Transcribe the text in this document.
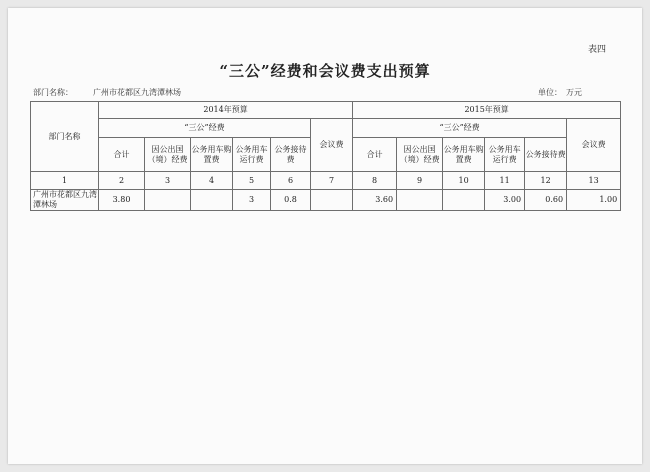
表四
“三公”经费和会议费支出预算
部门名称：	广州市花都区九湾潭林场	单位： 万元
部门名称	2014年预算						2015年预算					
	“三公”经费					会议费	“三公”经费					会议费
	合计	因公出国（境）经费	公务用车购置费	公务用车运行费	公务接待费		合计	因公出国（境）经费	公务用车购置费	公务用车运行费	公务接待费	
1	2	3	4	5	6	7	8	9	10	11	12	13
广州市花都区九湾潭林场	3.80			3	0.8		3.60			3.00	0.60	1.00
